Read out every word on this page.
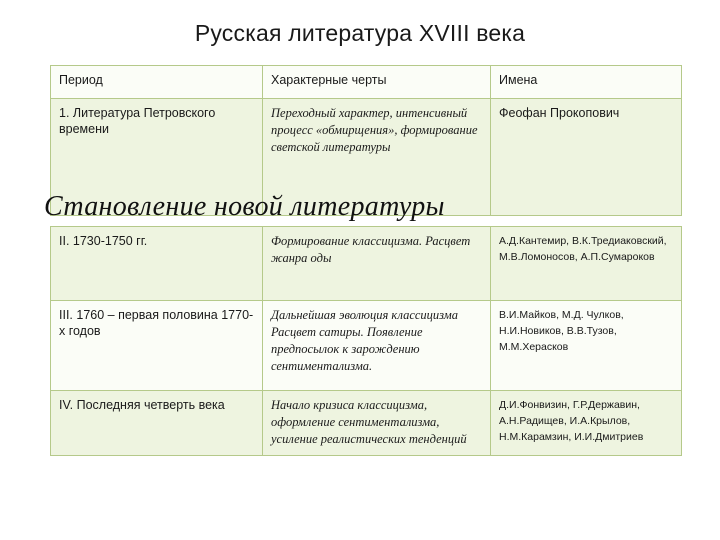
Русская литература XVIII века
Период	Характерные черты	Имена
1. Литература Петровского времени	Переходный характер, интенсивный процесс «обмирщения», формирование светской литературы	Феофан Прокопович
II. 1730-1750 гг.	Формирование классицизма. Расцвет жанра оды	А.Д.Кантемир, В.К.Тредиаковский, М.В.Ломоносов, А.П.Сумароков
III. 1760 – первая половина 1770-х годов	Дальнейшая эволюция классицизма Расцвет сатиры. Появление предпосылок к зарождению сентиментализма.	В.И.Майков, М.Д. Чулков, Н.И.Новиков, В.В.Тузов, М.М.Херасков
IV. Последняя четверть века	Начало кризиса классицизма, оформление сентиментализма, усиление реалистических тенденций	Д.И.Фонвизин, Г.Р.Державин, А.Н.Радищев, И.А.Крылов, Н.М.Карамзин, И.И.Дмитриев
Становление новой литературы
